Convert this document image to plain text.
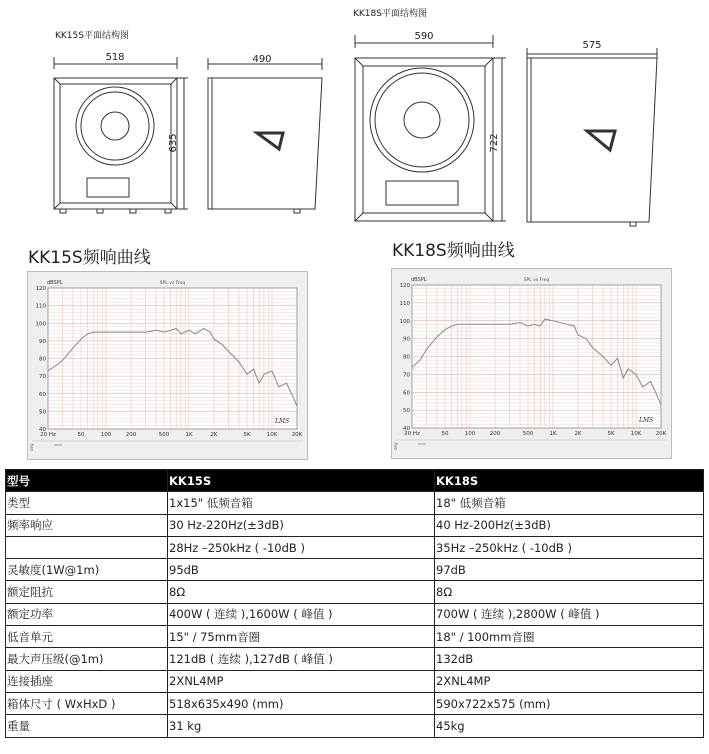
KK15S平面结构图
KK18S平面结构图
518	490
635
590
575
722
KK15S频响曲线	KK18S频响曲线
SPL vs Freq
dBSPL
120
110
100
90
80
70
60
50
40
20 Hz	50	100	200	500	1K	2K	5K	10K	20K
LMS
deg
SPL vs Freq
dBSPL
120
110
100
90
80
70
60
50
40
20 Hz	50	100	200	500	1K	2K	5K	10K	20K
LMS
deg
型号	KK15S	KK18S
类型	1x15" 低频音箱	18" 低频音箱
频率响应	30 Hz-220Hz(±3dB)	40 Hz-200Hz(±3dB)
	28Hz –250kHz ( -10dB )	35Hz –250kHz ( -10dB )
灵敏度(1W@1m)	95dB	97dB
额定阻抗	8Ω	8Ω
额定功率	400W ( 连续 ),1600W ( 峰值 )	700W ( 连续 ),2800W ( 峰值 )
低音单元	15" / 75mm音圈	18" / 100mm音圈
最大声压级(@1m)	121dB ( 连续 ),127dB ( 峰值 )	132dB
连接插座	2XNL4MP	2XNL4MP
箱体尺寸 ( WxHxD )	518x635x490 (mm)	590x722x575 (mm)
重量	31 kg	45kg
